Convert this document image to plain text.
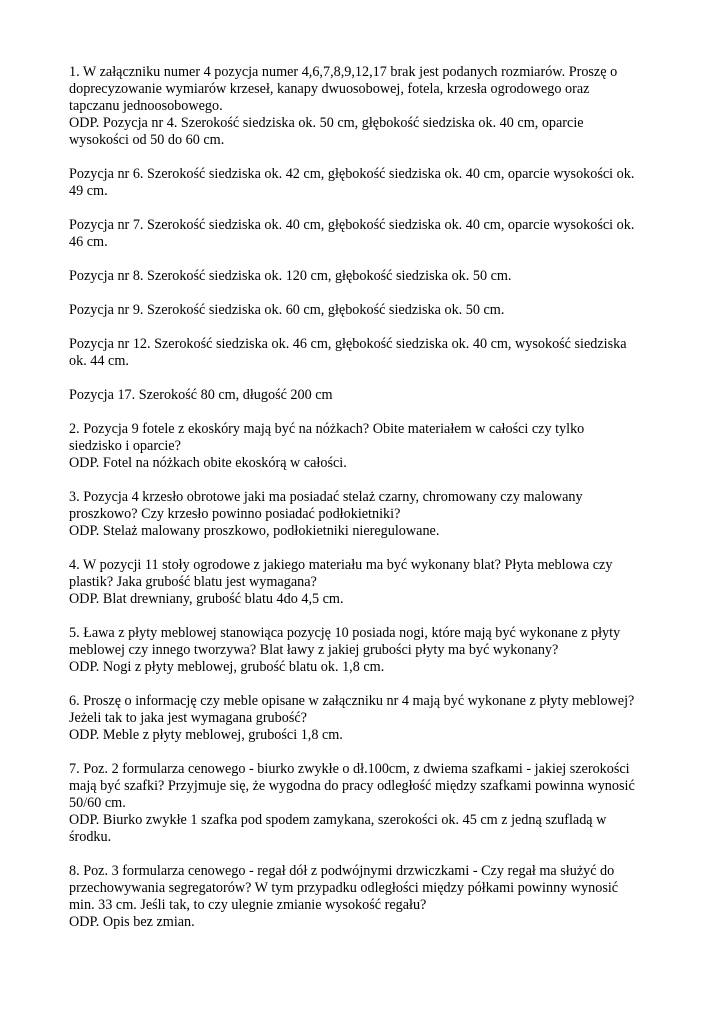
1. W załączniku numer 4 pozycja numer 4,6,7,8,9,12,17 brak jest podanych rozmiarów. Proszę o
doprecyzowanie wymiarów krzeseł, kanapy dwuosobowej, fotela, krzesła ogrodowego oraz
tapczanu jednoosobowego.
ODP. Pozycja nr 4. Szerokość siedziska ok. 50 cm, głębokość siedziska ok. 40 cm, oparcie
wysokości od 50 do 60 cm.
Pozycja nr 6. Szerokość siedziska ok. 42 cm, głębokość siedziska ok. 40 cm, oparcie wysokości ok.
49 cm.
Pozycja nr 7. Szerokość siedziska ok. 40 cm, głębokość siedziska ok. 40 cm, oparcie wysokości ok.
46 cm.
Pozycja nr 8. Szerokość siedziska ok. 120 cm, głębokość siedziska ok. 50 cm.
Pozycja nr 9. Szerokość siedziska ok. 60 cm, głębokość siedziska ok. 50 cm.
Pozycja nr 12. Szerokość siedziska ok. 46 cm, głębokość siedziska ok. 40 cm, wysokość siedziska
ok. 44 cm.
Pozycja 17. Szerokość 80 cm, długość 200 cm
2. Pozycja 9 fotele z ekoskóry mają być na nóżkach? Obite materiałem w całości czy tylko
siedzisko i oparcie?
ODP. Fotel na nóżkach obite ekoskórą w całości.
3. Pozycja 4 krzesło obrotowe jaki ma posiadać stelaż czarny, chromowany czy malowany
proszkowo? Czy krzesło powinno posiadać podłokietniki?
ODP. Stelaż malowany proszkowo, podłokietniki nieregulowane.
4. W pozycji 11 stoły ogrodowe z jakiego materiału ma być wykonany blat? Płyta meblowa czy
plastik? Jaka grubość blatu jest wymagana?
ODP. Blat drewniany, grubość blatu 4do 4,5 cm.
5. Ława z płyty meblowej stanowiąca pozycję 10 posiada nogi, które mają być wykonane z płyty
meblowej czy innego tworzywa? Blat ławy z jakiej grubości płyty ma być wykonany?
ODP. Nogi z płyty meblowej, grubość blatu ok. 1,8 cm.
6. Proszę o informację czy meble opisane w załączniku nr 4 mają być wykonane z płyty meblowej?
Jeżeli tak to jaka jest wymagana grubość?
ODP. Meble z płyty meblowej, grubości 1,8 cm.
7. Poz. 2 formularza cenowego - biurko zwykłe o dł.100cm, z dwiema szafkami - jakiej szerokości
mają być szafki? Przyjmuje się, że wygodna do pracy odległość między szafkami powinna wynosić
50/60 cm.
ODP. Biurko zwykłe 1 szafka pod spodem zamykana, szerokości ok. 45 cm z jedną szufladą w
środku.
8. Poz. 3 formularza cenowego - regał dół z podwójnymi drzwiczkami - Czy regał ma służyć do
przechowywania segregatorów? W tym przypadku odległości między półkami powinny wynosić
min. 33 cm. Jeśli tak, to czy ulegnie zmianie wysokość regału?
ODP. Opis bez zmian.
